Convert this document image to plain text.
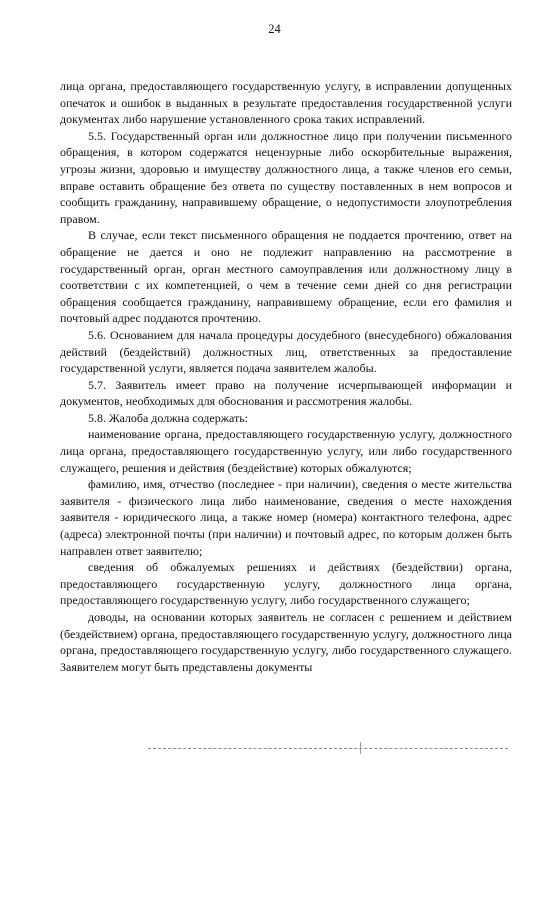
24

лица органа, предоставляющего государственную услугу, в исправлении допущенных опечаток и ошибок в выданных в результате предоставления государственной услуги документах либо нарушение установленного срока таких исправлений.

5.5. Государственный орган или должностное лицо при получении письменного обращения, в котором содержатся нецензурные либо оскорбительные выражения, угрозы жизни, здоровью и имуществу должностного лица, а также членов его семьи, вправе оставить обращение без ответа по существу поставленных в нем вопросов и сообщить гражданину, направившему обращение, о недопустимости злоупотребления правом.

В случае, если текст письменного обращения не поддается прочтению, ответ на обращение не дается и оно не подлежит направлению на рассмотрение в государственный орган, орган местного самоуправления или должностному лицу в соответствии с их компетенцией, о чем в течение семи дней со дня регистрации обращения сообщается гражданину, направившему обращение, если его фамилия и почтовый адрес поддаются прочтению.

5.6. Основанием для начала процедуры досудебного (внесудебного) обжалования действий (бездействий) должностных лиц, ответственных за предоставление государственной услуги, является подача заявителем жалобы.

5.7. Заявитель имеет право на получение исчерпывающей информации и документов, необходимых для обоснования и рассмотрения жалобы.

5.8. Жалоба должна содержать:

наименование органа, предоставляющего государственную услугу, должностного лица органа, предоставляющего государственную услугу, или либо государственного служащего, решения и действия (бездействие) которых обжалуются;

фамилию, имя, отчество (последнее - при наличии), сведения о месте жительства заявителя - физического лица либо наименование, сведения о месте нахождения заявителя - юридического лица, а также номер (номера) контактного телефона, адрес (адреса) электронной почты (при наличии) и почтовый адрес, по которым должен быть направлен ответ заявителю;

сведения об обжалуемых решениях и действиях (бездействии) органа, предоставляющего государственную услугу, должностного лица органа, предоставляющего государственную услугу, либо государственного служащего;

доводы, на основании которых заявитель не согласен с решением и действием (бездействием) органа, предоставляющего государственную услугу, должностного лица органа, предоставляющего государственную услугу, либо государственного служащего. Заявителем могут быть представлены документы
